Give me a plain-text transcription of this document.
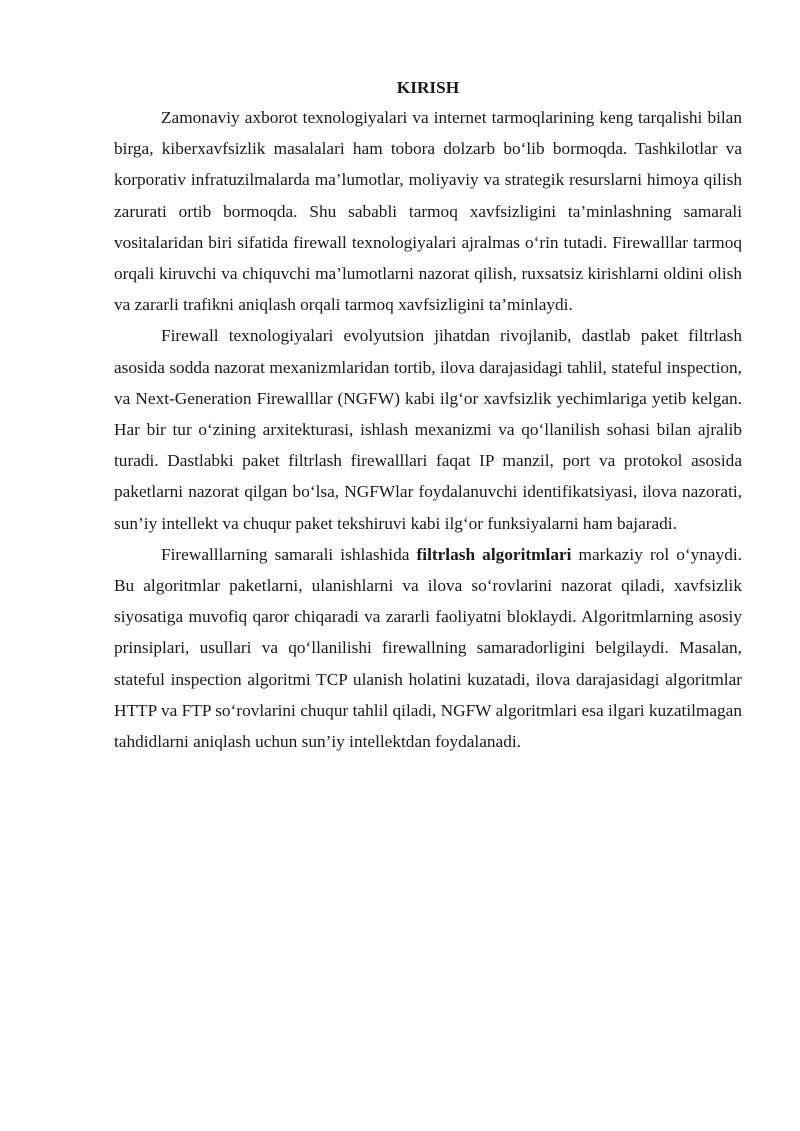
KIRISH

Zamonaviy axborot texnologiyalari va internet tarmoqlarining keng tarqalishi bilan birga, kiberxavfsizlik masalalari ham tobora dolzarb bo‘lib bormoqda. Tashkilotlar va korporativ infratuzilmalarda ma’lumotlar, moliyaviy va strategik resurslarni himoya qilish zarurati ortib bormoqda. Shu sababli tarmoq xavfsizligini ta’minlashning samarali vositalaridan biri sifatida firewall texnologiyalari ajralmas o‘rin tutadi. Firewalllar tarmoq orqali kiruvchi va chiquvchi ma’lumotlarni nazorat qilish, ruxsatsiz kirishlarni oldini olish va zararli trafikni aniqlash orqali tarmoq xavfsizligini ta’minlaydi.

Firewall texnologiyalari evolyutsion jihatdan rivojlanib, dastlab paket filtrlash asosida sodda nazorat mexanizmlaridan tortib, ilova darajasidagi tahlil, stateful inspection, va Next-Generation Firewalllar (NGFW) kabi ilg‘or xavfsizlik yechimlariga yetib kelgan. Har bir tur o‘zining arxitekturasi, ishlash mexanizmi va qo‘llanilish sohasi bilan ajralib turadi. Dastlabki paket filtrlash firewalllari faqat IP manzil, port va protokol asosida paketlarni nazorat qilgan bo‘lsa, NGFWlar foydalanuvchi identifikatsiyasi, ilova nazorati, sun’iy intellekt va chuqur paket tekshiruvi kabi ilg‘or funksiyalarni ham bajaradi.

Firewalllarning samarali ishlashida filtrlash algoritmlari markaziy rol o‘ynaydi. Bu algoritmlar paketlarni, ulanishlarni va ilova so‘rovlarini nazorat qiladi, xavfsizlik siyosatiga muvofiq qaror chiqaradi va zararli faoliyatni bloklaydi. Algoritmlarning asosiy prinsiplari, usullari va qo‘llanilishi firewallning samaradorligini belgilaydi. Masalan, stateful inspection algoritmi TCP ulanish holatini kuzatadi, ilova darajasidagi algoritmlar HTTP va FTP so‘rovlarini chuqur tahlil qiladi, NGFW algoritmlari esa ilgari kuzatilmagan tahdidlarni aniqlash uchun sun’iy intellektdan foydalanadi.
